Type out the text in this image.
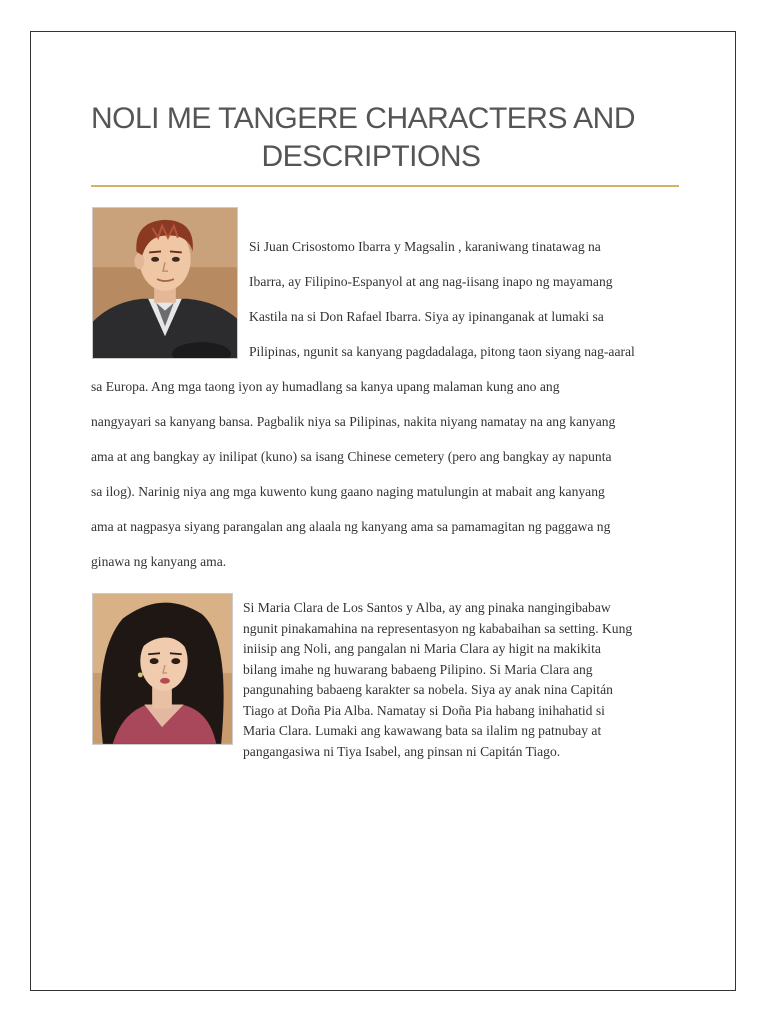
NOLI ME TANGERE CHARACTERS AND
DESCRIPTIONS
Si Juan Crisostomo Ibarra y Magsalin , karaniwang tinatawag na
Ibarra, ay Filipino-Espanyol at ang nag-iisang inapo ng mayamang
Kastila na si Don Rafael Ibarra. Siya ay ipinanganak at lumaki sa
Pilipinas, ngunit sa kanyang pagdadalaga, pitong taon siyang nag-aaral
sa Europa. Ang mga taong iyon ay humadlang sa kanya upang malaman kung ano ang
nangyayari sa kanyang bansa. Pagbalik niya sa Pilipinas, nakita niyang namatay na ang kanyang
ama at ang bangkay ay inilipat (kuno) sa isang Chinese cemetery (pero ang bangkay ay napunta
sa ilog). Narinig niya ang mga kuwento kung gaano naging matulungin at mabait ang kanyang
ama at nagpasya siyang parangalan ang alaala ng kanyang ama sa pamamagitan ng paggawa ng
ginawa ng kanyang ama.
Si Maria Clara de Los Santos y Alba, ay ang pinaka nangingibabaw
ngunit pinakamahina na representasyon ng kababaihan sa setting. Kung
iniisip ang Noli, ang pangalan ni Maria Clara ay higit na makikita
bilang imahe ng huwarang babaeng Pilipino. Si Maria Clara ang
pangunahing babaeng karakter sa nobela. Siya ay anak nina Capitán
Tiago at Doña Pia Alba. Namatay si Doña Pia habang inihahatid si
Maria Clara. Lumaki ang kawawang bata sa ilalim ng patnubay at
pangangasiwa ni Tiya Isabel, ang pinsan ni Capitán Tiago.
